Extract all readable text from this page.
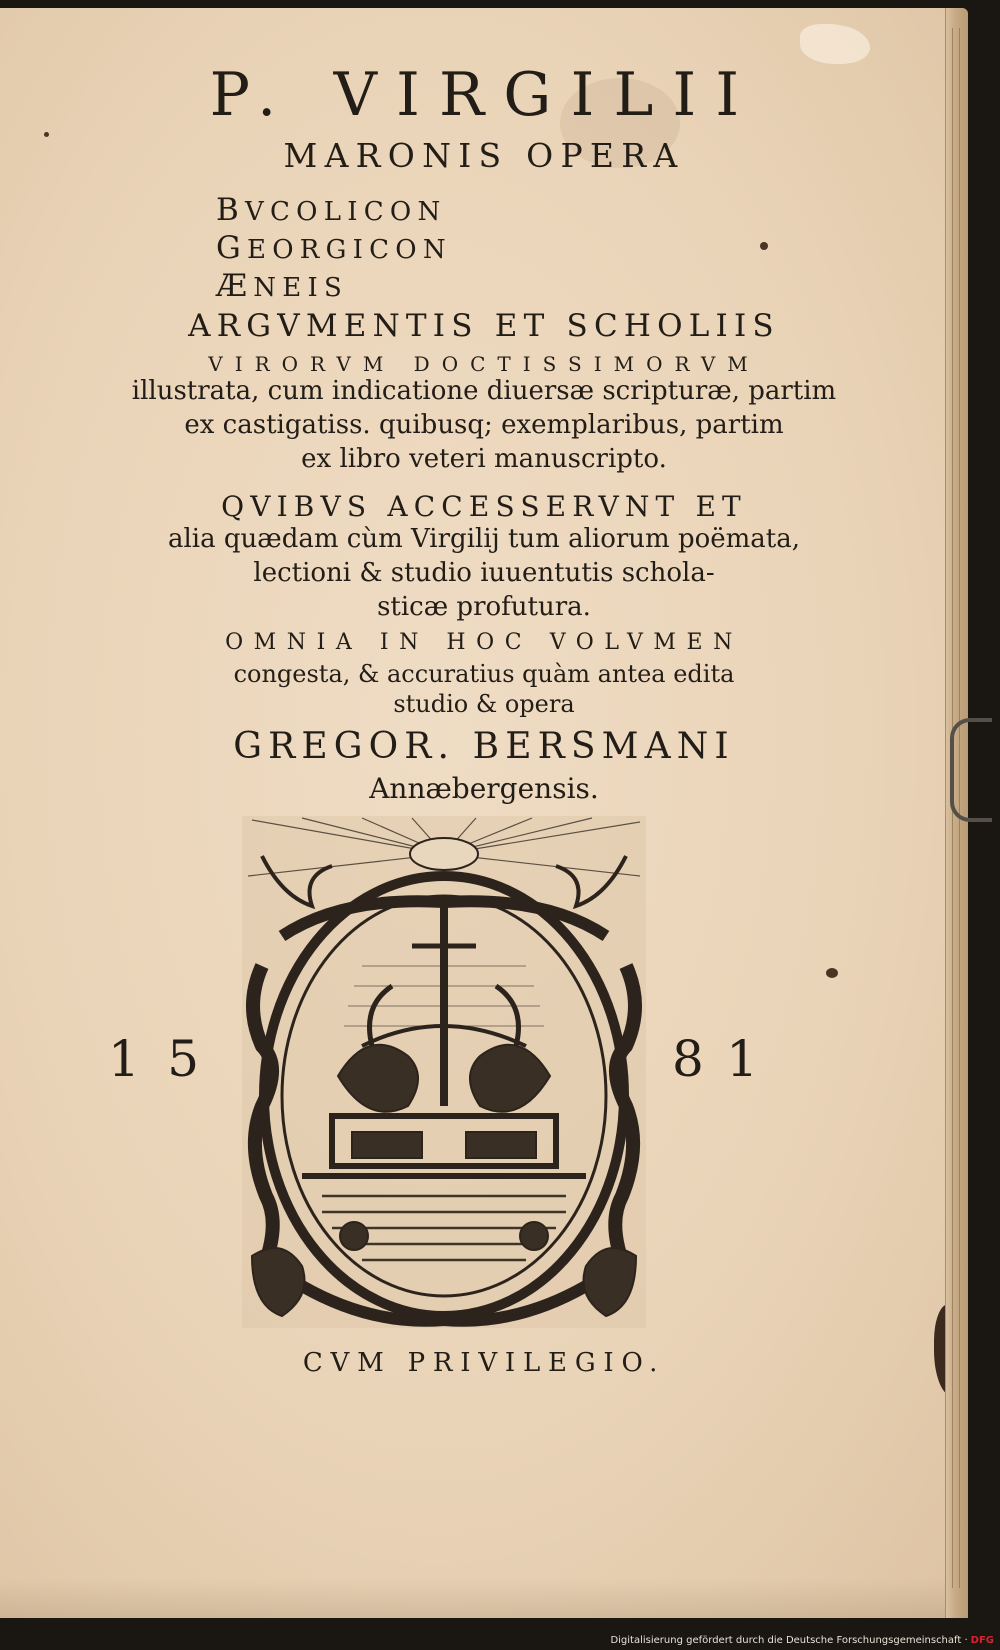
P. VIRGILII
MARONIS OPERA
BVCOLICON
GEORGICON
ÆNEIS
ARGVMENTIS ET SCHOLIIS
VIRORVM DOCTISSIMORVM
illustrata, cum indicatione diuersæ scripturæ, partim
ex castigatiss. quibusq; exemplaribus, partim
ex libro veteri manuscripto.
QVIBVS ACCESSERVNT ET
alia quædam cùm Virgilij tum aliorum poëmata,
lectioni & studio iuuentutis schola-
sticæ profutura.
OMNIA IN HOC VOLVMEN
congesta, & accuratius quàm antea edita
studio & opera
GREGOR. BERSMANI
Annæbergensis.
15	81
CVM PRIVILEGIO.
Digitalisierung gefördert durch die Deutsche Forschungsgemeinschaft · DFG
